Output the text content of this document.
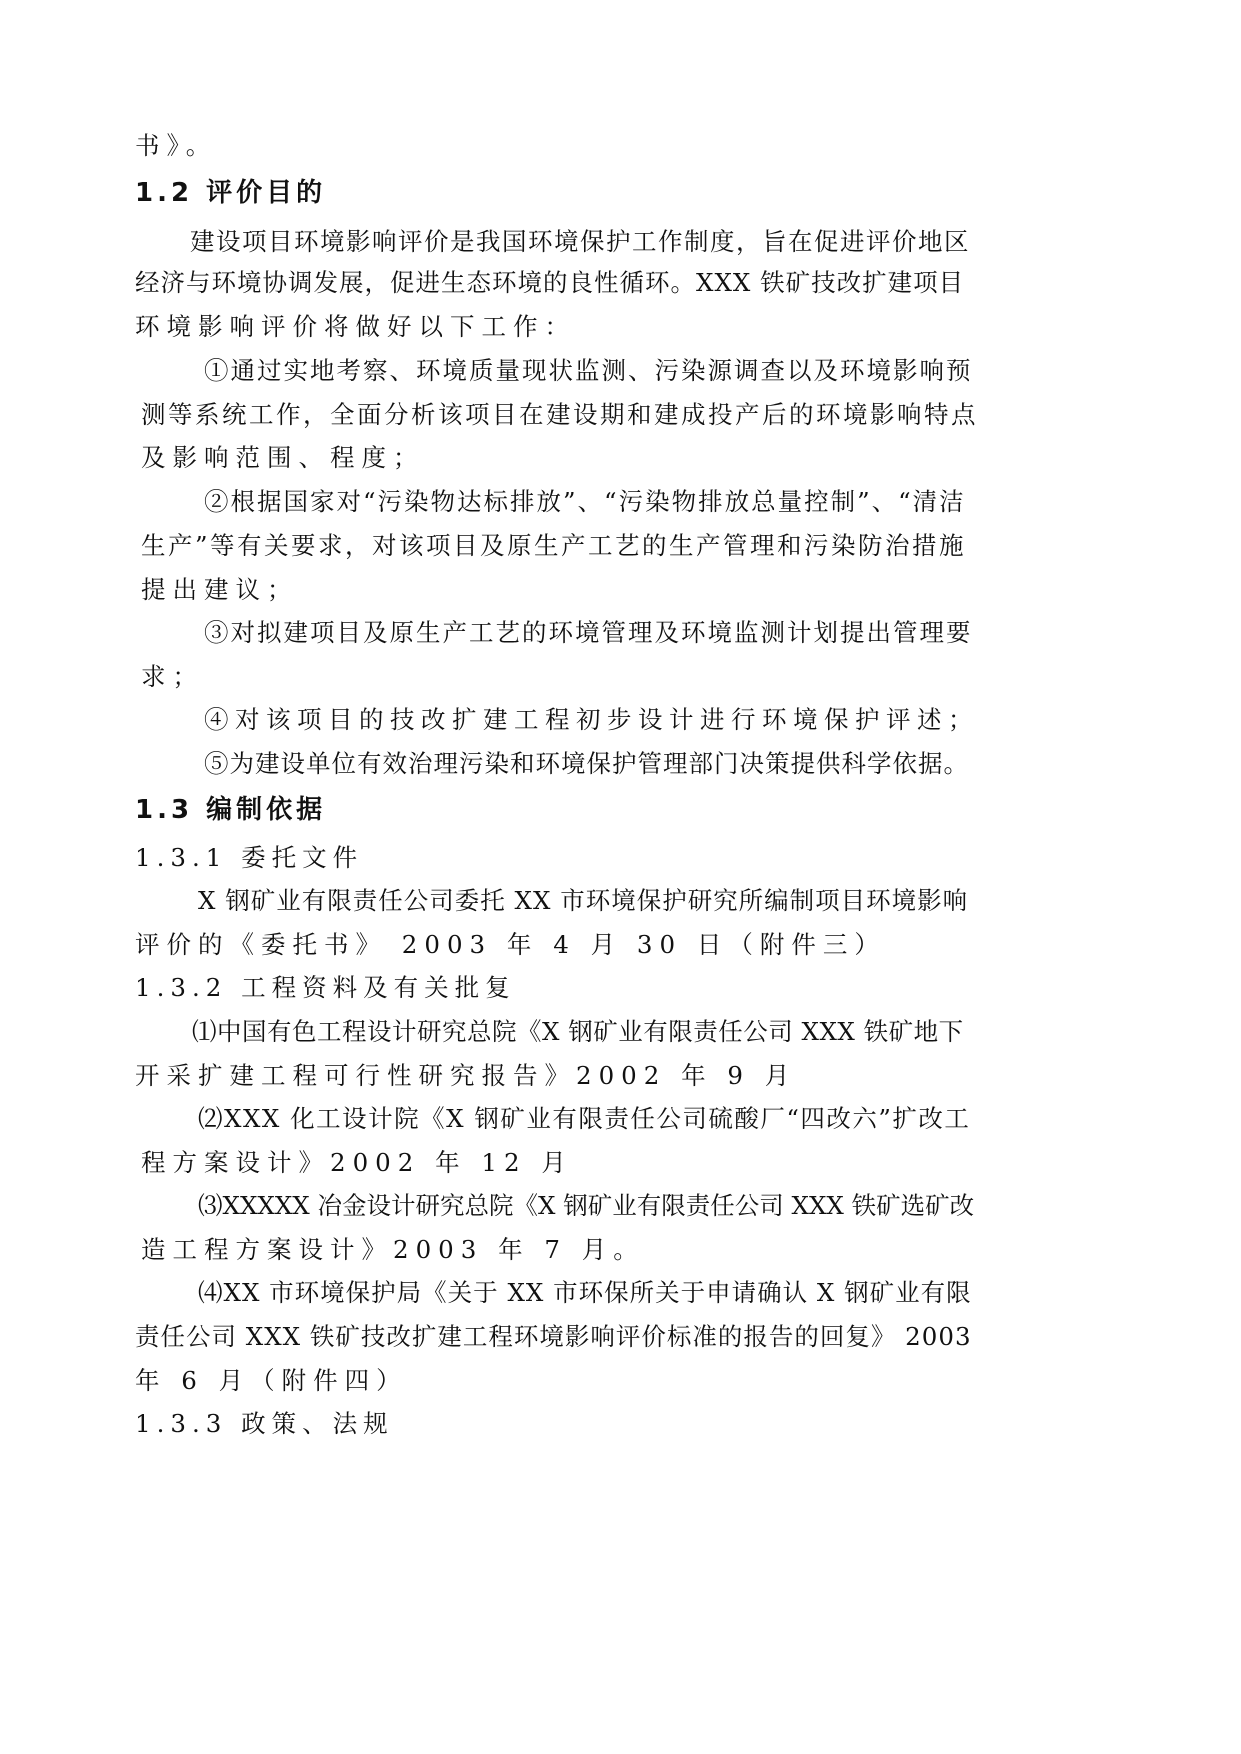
书》。
1.2 评价目的
建设项目环境影响评价是我国环境保护工作制度，旨在促进评价地区
经济与环境协调发展，促进生态环境的良性循环。XXX 铁矿技改扩建项目
环境影响评价将做好以下工作：
①通过实地考察、环境质量现状监测、污染源调查以及环境影响预
测等系统工作，全面分析该项目在建设期和建成投产后的环境影响特点
及影响范围、程度；
②根据国家对“污染物达标排放”、“污染物排放总量控制”、“清洁
生产”等有关要求，对该项目及原生产工艺的生产管理和污染防治措施
提出建议；
③对拟建项目及原生产工艺的环境管理及环境监测计划提出管理要
求；
④对该项目的技改扩建工程初步设计进行环境保护评述；
⑤为建设单位有效治理污染和环境保护管理部门决策提供科学依据。
1.3 编制依据
1.3.1 委托文件
X 钢矿业有限责任公司委托 XX 市环境保护研究所编制项目环境影响
评价的《委托书》 2003 年 4 月 30 日（附件三）
1.3.2 工程资料及有关批复
⑴中国有色工程设计研究总院《X 钢矿业有限责任公司 XXX 铁矿地下
开采扩建工程可行性研究报告》2002 年 9 月
⑵XXX 化工设计院《X 钢矿业有限责任公司硫酸厂“四改六”扩改工
程方案设计》2002 年 12 月
⑶XXXXX 冶金设计研究总院《X 钢矿业有限责任公司 XXX 铁矿选矿改
造工程方案设计》2003 年 7 月。
⑷XX 市环境保护局《关于 XX 市环保所关于申请确认 X 钢矿业有限
责任公司 XXX 铁矿技改扩建工程环境影响评价标准的报告的回复》 2003
年 6 月（附件四）
1.3.3 政策、法规
